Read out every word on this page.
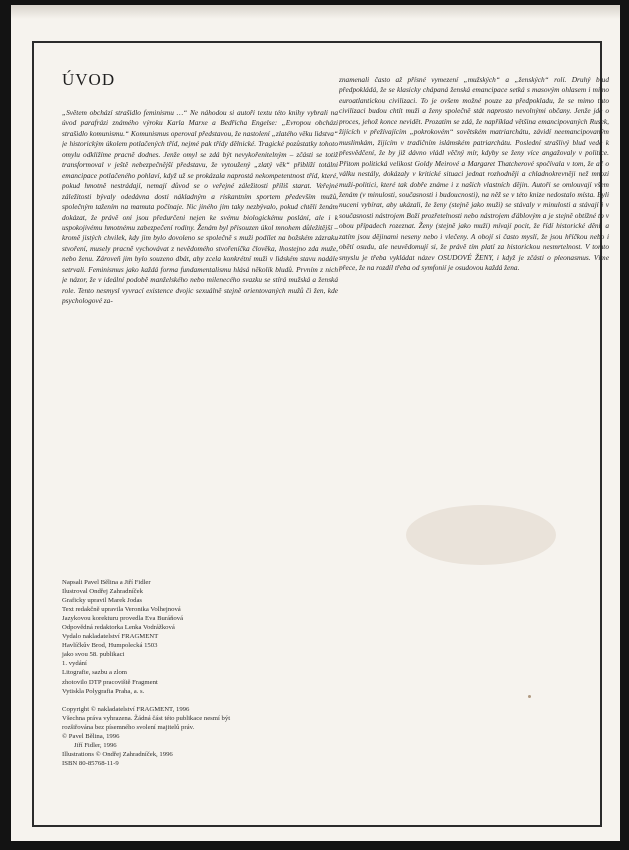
ÚVOD

„Světem obchází strašidlo feminismu …“ Ne náhodou si autoři textu této knihy vybrali na úvod parafrázi známého výroku Karla Marxe a Bedřicha Engelse: „Evropou obchází strašidlo komunismu.“ Komunismus operoval představou, že nastolení „zlatého věku lidstva“ je historickým úkolem potlačených tříd, nejmé pak třídy dělnické. Tragické pozůstatky tohoto omylu odkližíme pracně dodnes. Jenže omyl se zdá být nevykořenitelným – zčásti se totiž transformoval v ještě nebezpečnější představu, že vytoužený „zlatý věk“ přiblíží totální emancipace potlačeného pohlaví, když už se prokázala naprostá nekompetentnost tříd, které, pokud hmotně nestrádají, nemají důvod se o veřejné záležitosti příliš starat. Veřejné záležitosti bývaly odedávna dosti nákladným a riskantním sportem především mužů, společným tažením na mamuta počínaje. Nic jiného jim taky nezbývalo, pokud chtěli ženám dokázat, že právě oni jsou předurčeni nejen ke svému biologickému poslání, ale i k uspokojivému hmotnému zabezpečení rodiny. Ženám byl přisouzen úkol mnohem důležitější – kromě jistých chvilek, kdy jim bylo dovoleno se společně s muži podílet na božském zázraku stvoření, musely pracně vychovávat z nevědomého stvořeníčka člověka, lhostejno zda muže, nebo ženu. Zároveň jim bylo souzeno dbát, aby zcela konkrétní muži v lidském stavu nadále setrvali. Feminismus jako každá forma fundamentalismu hlásá několik bludů. Prvním z nich je názor, že v ideální podobě manželského nebo milenecého svazku se stírá mužská a ženská role. Tento nesmysl vyvrací existence dvojic sexuálně stejně orientovaných mužů či žen, kde psychologové za-

znamenali často až přísné vymezení „mužských“ a „ženských“ rolí. Druhý blud předpokládá, že se klasicky chápaná ženská emancipace setká s masovým ohlasem i mimo euroatlantickou civilizaci. To je ovšem možné pouze za předpokladu, že se mimo tuto civilizaci budou chtít muži a ženy společně stát naprosto nevolnými občany. Jenže jde o proces, jehož konce nevidět. Prozatím se zdá, že například většina emancipovaných Rusek, žijících v přežívajícím „pokrokovém“ sovětském matriarchátu, závidí neemancipovaným muslimkám, žijícím v tradičním islámském patriarchátu. Poslední strašlivý blud vede k přesvědčení, že by již dávno vládl věčný mír, kdyby se ženy více angažovaly v politice. Přitom politická velikost Goldy Meirové a Margaret Thatcherové spočívala v tom, že ač o válku nestály, dokázaly v kritické situaci jednat rozhodněji a chladnokrevněji než mnozí muži-politici, které tak dobře známe i z našich vlastních dějin. Autoři se omlouvají všem ženám (v minulosti, současnosti i budoucnosti), na něž se v této knize nedostalo místa. Byli nuceni vybírat, aby ukázali, že ženy (stejně jako muži) se stávaly v minulosti a stávají i v současnosti nástrojem Boží prozřetelnosti nebo nástrojem ďáblovým a je stejně obtížné to v obou případech rozeznat. Ženy (stejně jako muži) mívají pocit, že řídí historické dění, a zatím jsou dějinami neseny nebo i vlečeny. A obojí si často myslí, že jsou hříčkou nebo i obětí osudu, ale neuvědomují si, že právě tím platí za historickou nesmrtelnost. V tomto smyslu je třeba vykládat název OSUDOVÉ ŽENY, i když je zčásti o pleonasmus. Víme přece, že na rozdíl třeba od symfonií je osudovou každá žena.

Napsali Pavel Bělina a Jiří Fidler
Ilustroval Ondřej Zahradníček
Graficky upravil Marek Jodas
Text redakčně upravila Veronika Volhejnová
Jazykovou korekturu provedla Eva Buráňová
Odpovědná redaktorka Lenka Vodrážková
Vydalo nakladatelství FRAGMENT
Havlíčkův Brod, Humpolecká 1503
jako svou 58. publikaci
1. vydání
Litografie, sazbu a zlom
zhotovilo DTP pracoviště Fragment
Vytiskla Polygrafia Praha, a. s.
Copyright © nakladatelství FRAGMENT, 1996
Všechna práva vyhrazena. Žádná část této publikace nesmí být
rozšiřována bez písemného svolení majitelů práv.
© Pavel Bělina, 1996
Jiří Fidler, 1996
Illustrations © Ondřej Zahradníček, 1996
ISBN 80-85768-11-9
